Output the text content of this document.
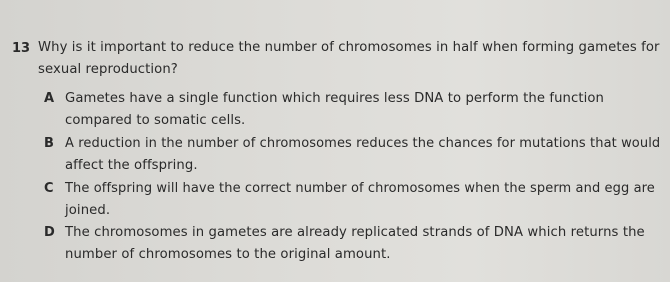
13 Why is it important to reduce the number of chromosomes in half when forming gametes for
sexual reproduction?
A Gametes have a single function which requires less DNA to perform the function
compared to somatic cells.
B A reduction in the number of chromosomes reduces the chances for mutations that would
affect the offspring.
C The offspring will have the correct number of chromosomes when the sperm and egg are
joined.
D The chromosomes in gametes are already replicated strands of DNA which returns the
number of chromosomes to the original amount.
